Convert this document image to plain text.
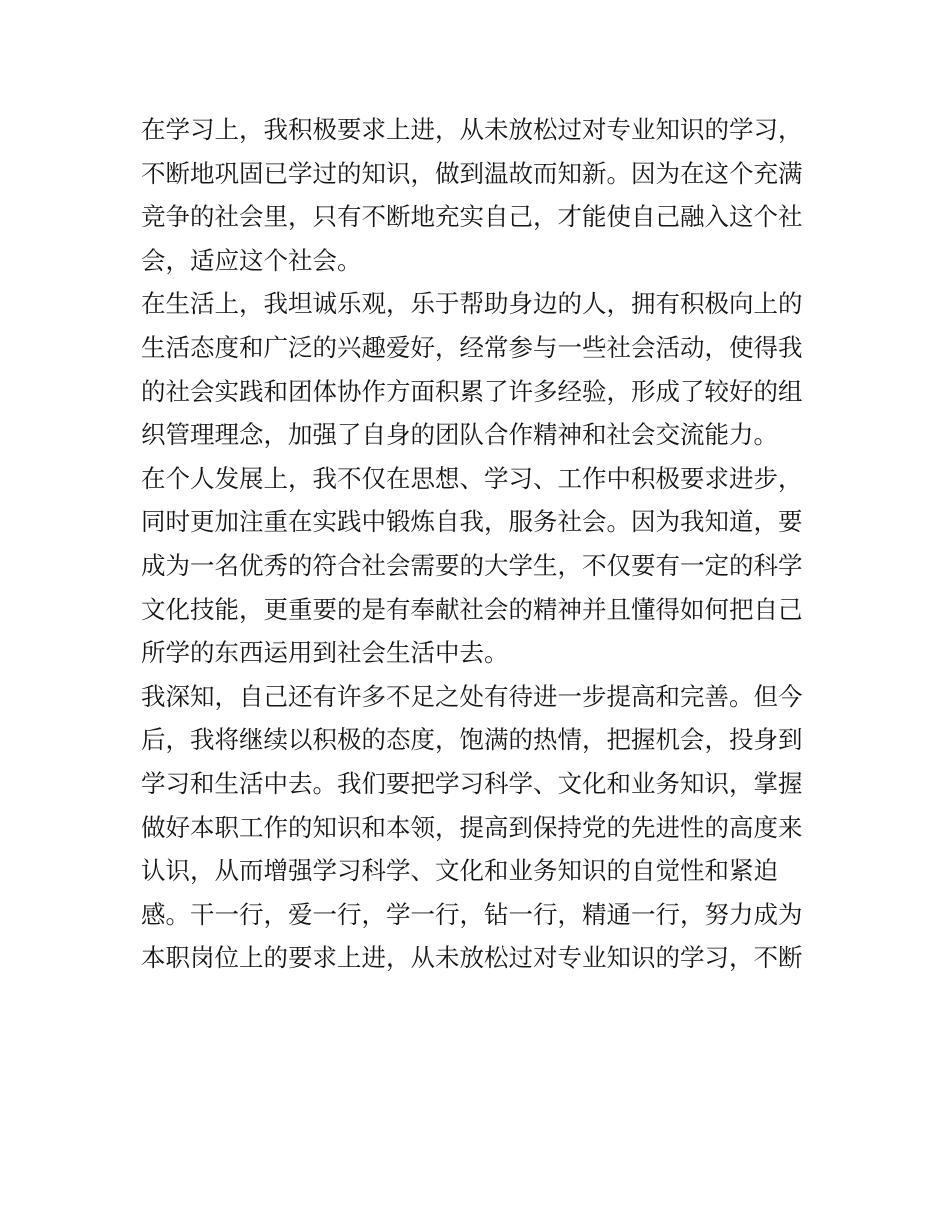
在学习上，我积极要求上进，从未放松过对专业知识的学习，
不断地巩固已学过的知识，做到温故而知新。因为在这个充满
竞争的社会里，只有不断地充实自己，才能使自己融入这个社
会，适应这个社会。
在生活上，我坦诚乐观，乐于帮助身边的人，拥有积极向上的
生活态度和广泛的兴趣爱好，经常参与一些社会活动，使得我
的社会实践和团体协作方面积累了许多经验，形成了较好的组
织管理理念，加强了自身的团队合作精神和社会交流能力。
在个人发展上，我不仅在思想、学习、工作中积极要求进步，
同时更加注重在实践中锻炼自我，服务社会。因为我知道，要
成为一名优秀的符合社会需要的大学生，不仅要有一定的科学
文化技能，更重要的是有奉献社会的精神并且懂得如何把自己
所学的东西运用到社会生活中去。
我深知，自己还有许多不足之处有待进一步提高和完善。但今
后，我将继续以积极的态度，饱满的热情，把握机会，投身到
学习和生活中去。我们要把学习科学、文化和业务知识，掌握
做好本职工作的知识和本领，提高到保持党的先进性的高度来
认识，从而增强学习科学、文化和业务知识的自觉性和紧迫
感。干一行，爱一行，学一行，钻一行，精通一行，努力成为
本职岗位上的要求上进，从未放松过对专业知识的学习，不断
